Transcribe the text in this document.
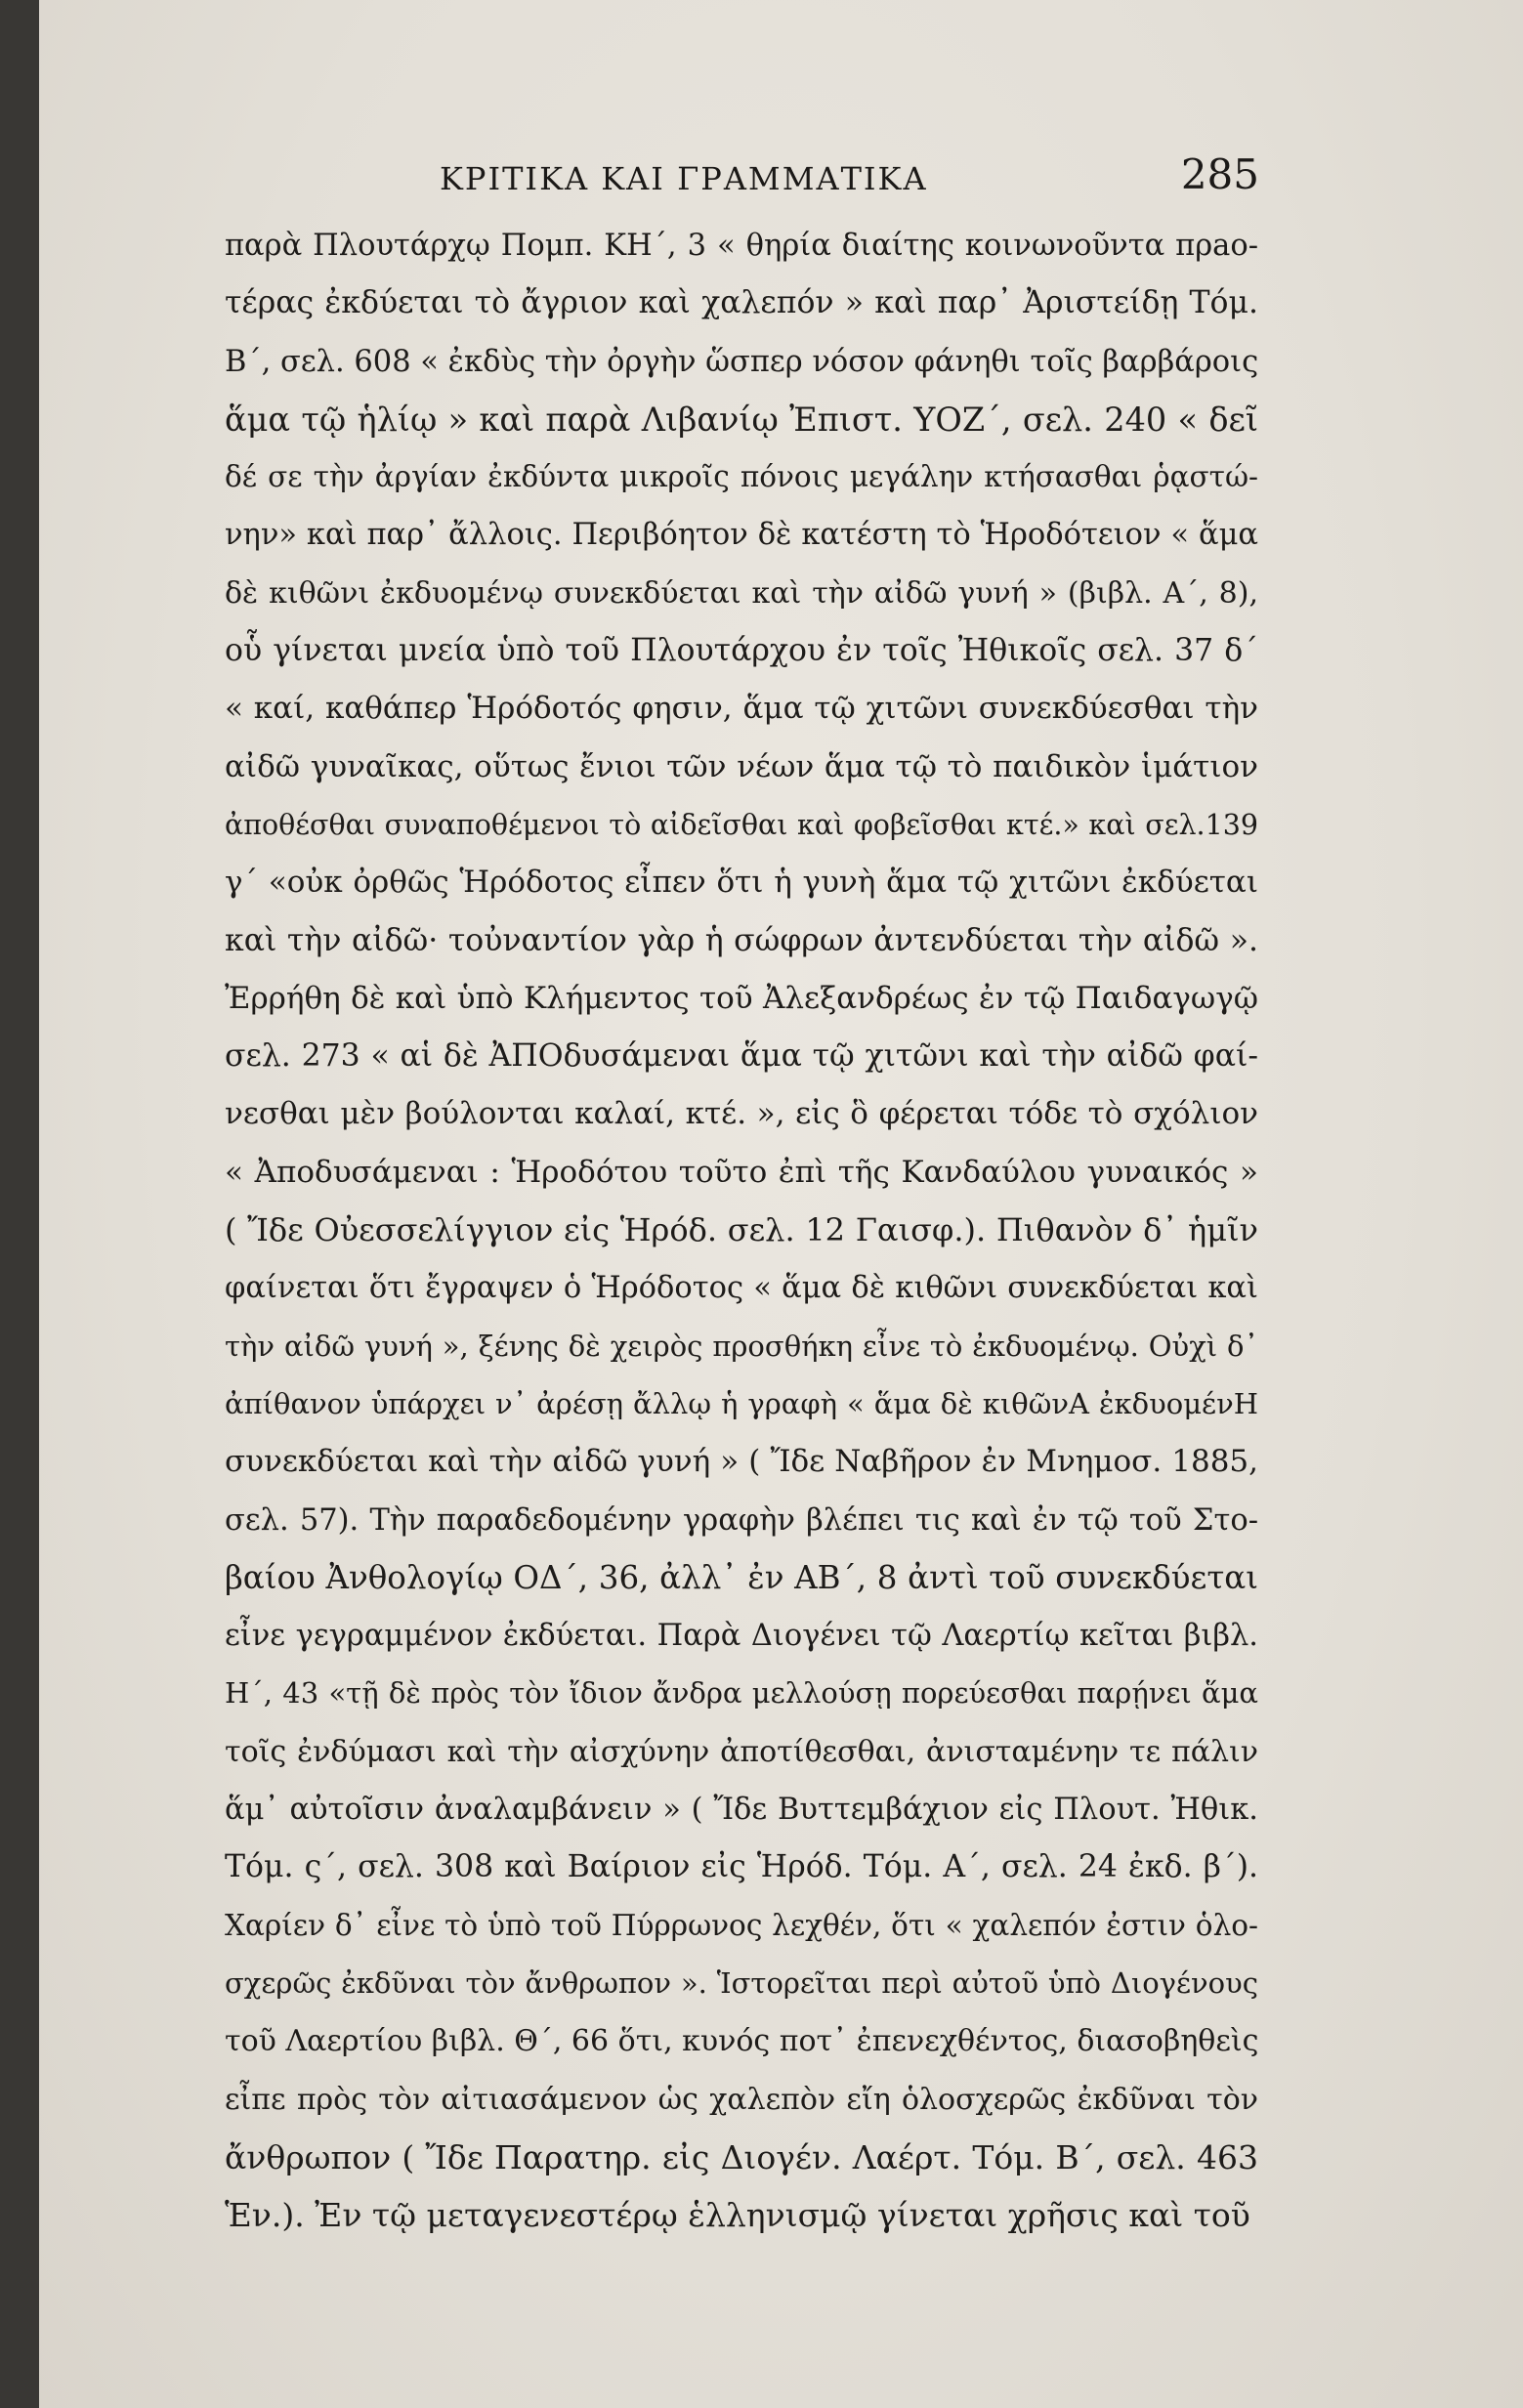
ΚΡΙΤΙΚΑ ΚΑΙ ΓΡΑΜΜΑΤΙΚΑ	285
παρὰ Πλουτάρχῳ Πομπ. ΚΗ΄, 3 « θηρία διαίτης κοινωνοῦντα πρaο-
τέρας ἐκδύεται τὸ ἄγριον καὶ χαλεπόν » καὶ παρ᾿ Ἀριστείδῃ Τόμ.
Β΄, σελ. 608 « ἐκδὺς τὴν ὀργὴν ὥσπερ νόσον φάνηθι τοῖς βαρβάροις
ἅμα τῷ ἡλίῳ » καὶ παρὰ Λιβανίῳ Ἐπιστ. ΥΟΖ΄, σελ. 240 « δεῖ
δέ σε τὴν ἀργίαν ἐκδύντα μικροῖς πόνοις μεγάλην κτήσασθαι ῥᾳστώ-
νην» καὶ παρ᾿ ἄλλοις. Περιβόητον δὲ κατέστη τὸ Ἡροδότειον « ἅμα
δὲ κιθῶνι ἐκδυομένῳ συνεκδύεται καὶ τὴν αἰδῶ γυνή » (βιβλ. Α΄, 8),
οὗ γίνεται μνεία ὑπὸ τοῦ Πλουτάρχου ἐν τοῖς Ἠθικοῖς σελ. 37 δ΄
« καί, καθάπερ Ἡρόδοτός φησιν, ἅμα τῷ χιτῶνι συνεκδύεσθαι τὴν
αἰδῶ γυναῖκας, οὕτως ἔνιοι τῶν νέων ἅμα τῷ τὸ παιδικὸν ἱμάτιον
ἀποθέσθαι συναποθέμενοι τὸ αἰδεῖσθαι καὶ φοβεῖσθαι κτέ.» καὶ σελ.139
γ΄ «οὐκ ὀρθῶς Ἡρόδοτος εἶπεν ὅτι ἡ γυνὴ ἅμα τῷ χιτῶνι ἐκδύεται
καὶ τὴν αἰδῶ· τοὐναντίον γὰρ ἡ σώφρων ἀντενδύεται τὴν αἰδῶ ».
Ἐρρήθη δὲ καὶ ὑπὸ Κλήμεντος τοῦ Ἀλεξανδρέως ἐν τῷ Παιδαγωγῷ
σελ. 273 « αἱ δὲ ἈΠΟδυσάμεναι ἅμα τῷ χιτῶνι καὶ τὴν αἰδῶ φαί-
νεσθαι μὲν βούλονται καλαί, κτέ. », εἰς ὃ φέρεται τόδε τὸ σχόλιον
« Ἀποδυσάμεναι : Ἡροδότου τοῦτο ἐπὶ τῆς Κανδαύλου γυναικός »
( Ἴδε Οὐεσσελίγγιον εἰς Ἡρόδ. σελ. 12 Γαισφ.). Πιθανὸν δ᾿ ἡμῖν
φαίνεται ὅτι ἔγραψεν ὁ Ἡρόδοτος « ἅμα δὲ κιθῶνι συνεκδύεται καὶ
τὴν αἰδῶ γυνή », ξένης δὲ χειρὸς προσθήκη εἶνε τὸ ἐκδυομένῳ. Οὐχὶ δ᾿
ἀπίθανον ὑπάρχει ν᾿ ἀρέσῃ ἄλλῳ ἡ γραφὴ « ἅμα δὲ κιθῶνΑ ἐκδυομένΗ
συνεκδύεται καὶ τὴν αἰδῶ γυνή » ( Ἴδε Ναβῆρον ἐν Μνημοσ. 1885,
σελ. 57). Τὴν παραδεδομένην γραφὴν βλέπει τις καὶ ἐν τῷ τοῦ Στο-
βαίου Ἀνθολογίῳ ΟΔ΄, 36, ἀλλ᾿ ἐν ΑΒ΄, 8 ἀντὶ τοῦ συνεκδύεται
εἶνε γεγραμμένον ἐκδύεται. Παρὰ Διογένει τῷ Λαερτίῳ κεῖται βιβλ.
Η΄, 43 «τῇ δὲ πρὸς τὸν ἴδιον ἄνδρα μελλούσῃ πορεύεσθαι παρῄνει ἅμα
τοῖς ἐνδύμασι καὶ τὴν αἰσχύνην ἀποτίθεσθαι, ἀνισταμένην τε πάλιν
ἅμ᾿ αὐτοῖσιν ἀναλαμβάνειν » ( Ἴδε Βυττεμβάχιον εἰς Πλουτ. Ἠθικ.
Τόμ. ς΄, σελ. 308 καὶ Βαίριον εἰς Ἡρόδ. Τόμ. Α΄, σελ. 24 ἐκδ. β΄).
Χαρίεν δ᾿ εἶνε τὸ ὑπὸ τοῦ Πύρρωνος λεχθέν, ὅτι « χαλεπόν ἐστιν ὁλο-
σχερῶς ἐκδῦναι τὸν ἄνθρωπον ». Ἱστορεῖται περὶ αὐτοῦ ὑπὸ Διογένους
τοῦ Λαερτίου βιβλ. Θ΄, 66 ὅτι, κυνός ποτ᾿ ἐπενεχθέντος, διασοβηθεὶς
εἶπε πρὸς τὸν αἰτιασάμενον ὡς χαλεπὸν εἴη ὁλοσχερῶς ἐκδῦναι τὸν
ἄνθρωπον ( Ἴδε Παρατηρ. εἰς Διογέν. Λαέρτ. Τόμ. Β΄, σελ. 463
Ἑν.). Ἐν τῷ μεταγενεστέρῳ ἑλληνισμῷ γίνεται χρῆσις καὶ τοῦ
